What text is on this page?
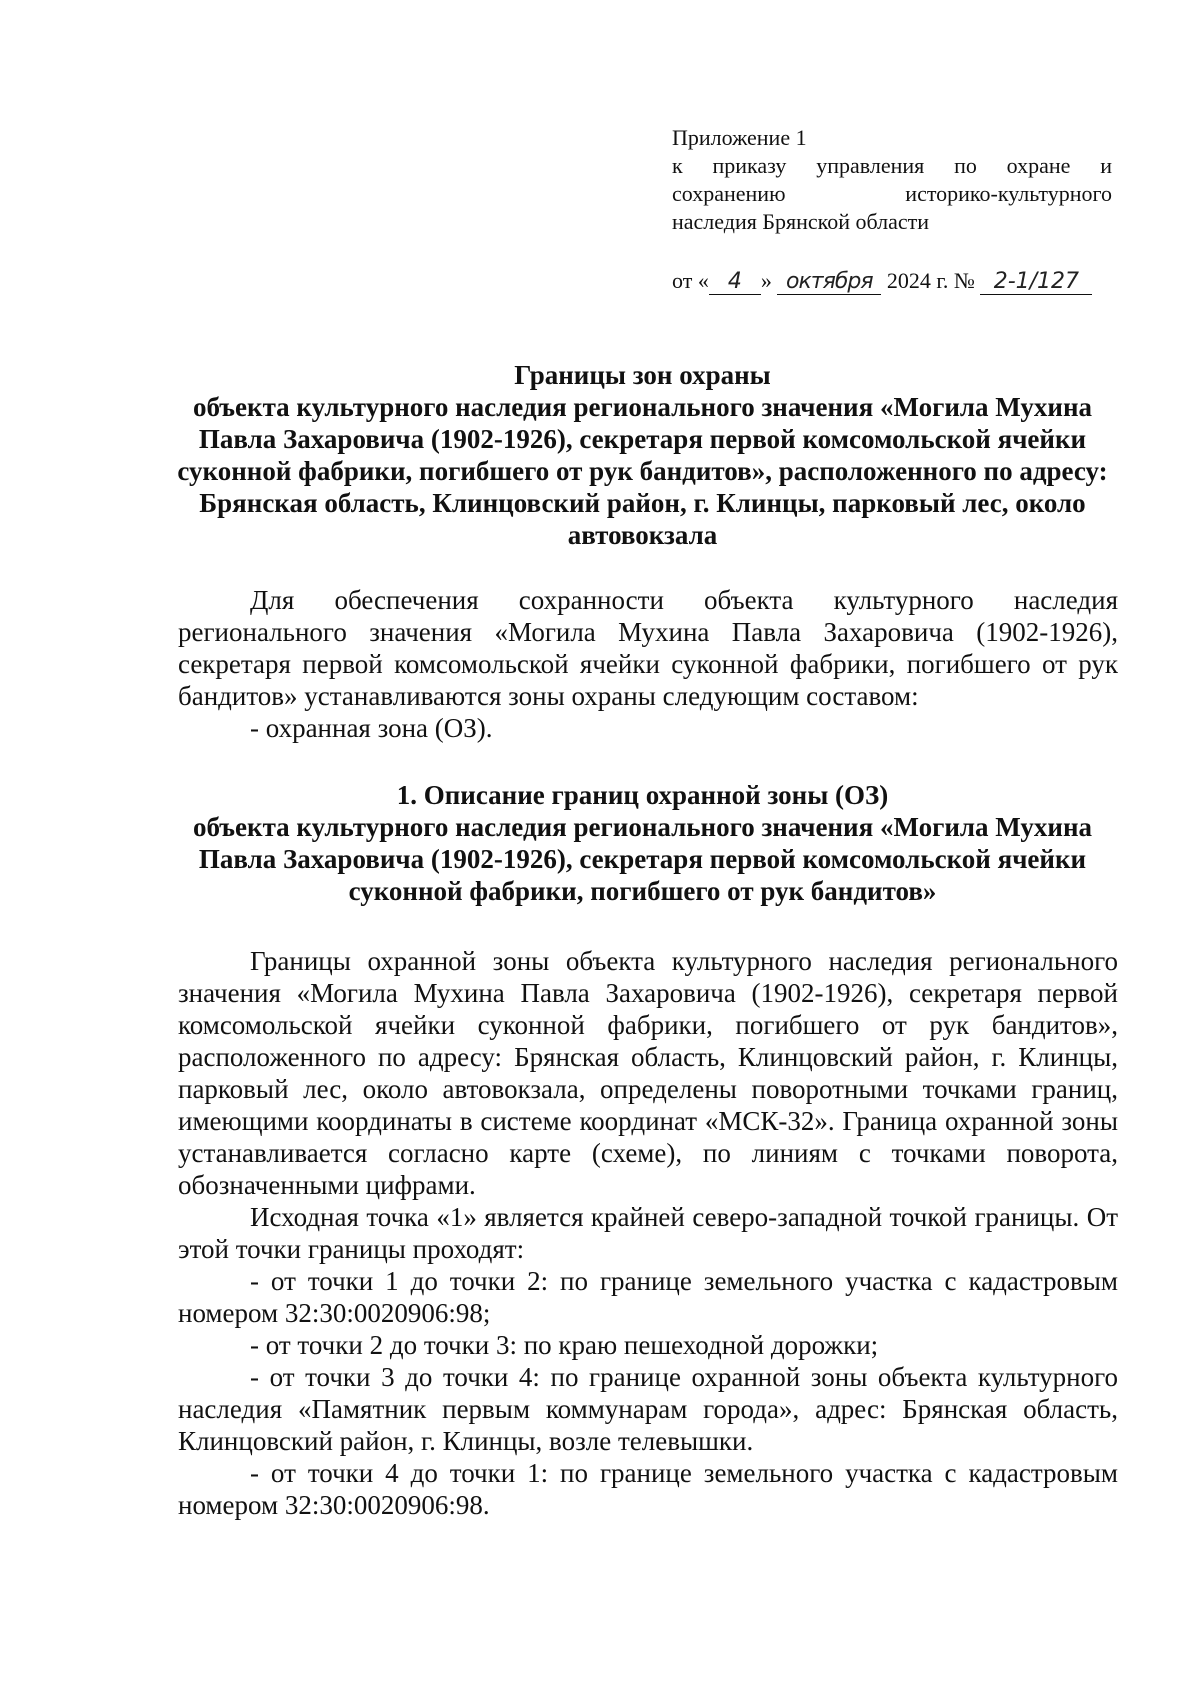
Приложение 1
к приказу управления по охране и
сохранению историко-культурного
наследия Брянской области
от « 4 » октября 2024 г. № 2-1/127
Границы зон охраны
объекта культурного наследия регионального значения «Могила Мухина Павла Захаровича (1902-1926), секретаря первой комсомольской ячейки суконной фабрики, погибшего от рук бандитов», расположенного по адресу: Брянская область, Клинцовский район, г. Клинцы, парковый лес, около автовокзала

Для обеспечения сохранности объекта культурного наследия регионального значения «Могила Мухина Павла Захаровича (1902-1926), секретаря первой комсомольской ячейки суконной фабрики, погибшего от рук бандитов» устанавливаются зоны охраны следующим составом:

- охранная зона (ОЗ).

1. Описание границ охранной зоны (ОЗ)
объекта культурного наследия регионального значения «Могила Мухина Павла Захаровича (1902-1926), секретаря первой комсомольской ячейки суконной фабрики, погибшего от рук бандитов»

Границы охранной зоны объекта культурного наследия регионального значения «Могила Мухина Павла Захаровича (1902-1926), секретаря первой комсомольской ячейки суконной фабрики, погибшего от рук бандитов», расположенного по адресу: Брянская область, Клинцовский район, г. Клинцы, парковый лес, около автовокзала, определены поворотными точками границ, имеющими координаты в системе координат «МСК-32». Граница охранной зоны устанавливается согласно карте (схеме), по линиям с точками поворота, обозначенными цифрами.

Исходная точка «1» является крайней северо-западной точкой границы. От этой точки границы проходят:

- от точки 1 до точки 2: по границе земельного участка с кадастровым номером 32:30:0020906:98;

- от точки 2 до точки 3: по краю пешеходной дорожки;

- от точки 3 до точки 4: по границе охранной зоны объекта культурного наследия «Памятник первым коммунарам города», адрес: Брянская область, Клинцовский район, г. Клинцы, возле телевышки.

- от точки 4 до точки 1: по границе земельного участка с кадастровым номером 32:30:0020906:98.
